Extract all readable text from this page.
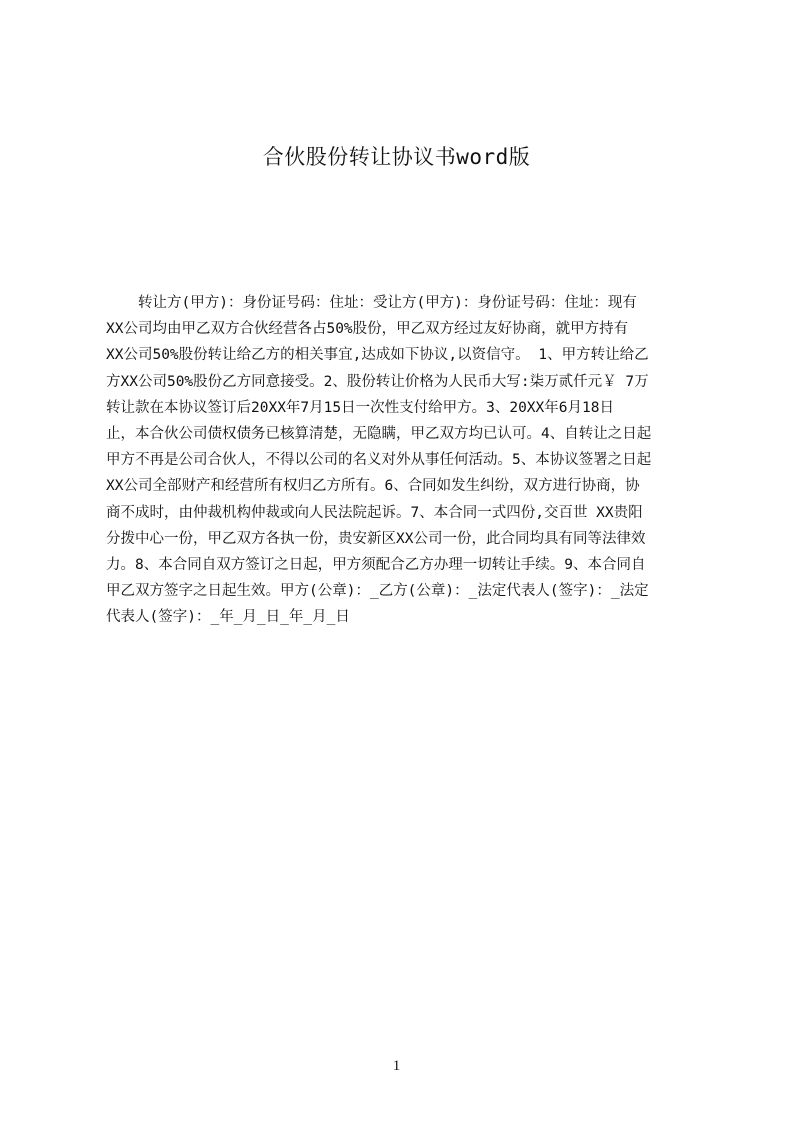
合伙股份转让协议书word版
转让方(甲方)：身份证号码：住址：受让方(甲方)：身份证号码：住址：现有
XX公司均由甲乙双方合伙经营各占50%股份，甲乙双方经过友好协商，就甲方持有
XX公司50%股份转让给乙方的相关事宜,达成如下协议,以资信守。 1、甲方转让给乙
方XX公司50%股份乙方同意接受。2、股份转让价格为人民币大写:柒万贰仟元￥ 7万
转让款在本协议签订后20XX年7月15日一次性支付给甲方。3、20XX年6月18日
止，本合伙公司债权债务已核算清楚，无隐瞒，甲乙双方均已认可。4、自转让之日起
甲方不再是公司合伙人，不得以公司的名义对外从事任何活动。5、本协议签署之日起
XX公司全部财产和经营所有权归乙方所有。6、合同如发生纠纷，双方进行协商，协
商不成时，由仲裁机构仲裁或向人民法院起诉。7、本合同一式四份,交百世 XX贵阳
分拨中心一份，甲乙双方各执一份，贵安新区XX公司一份，此合同均具有同等法律效
力。8、本合同自双方签订之日起，甲方须配合乙方办理一切转让手续。9、本合同自
甲乙双方签字之日起生效。甲方(公章)：_乙方(公章)：_法定代表人(签字)：_法定
代表人(签字)：_年_月_日_年_月_日
1
